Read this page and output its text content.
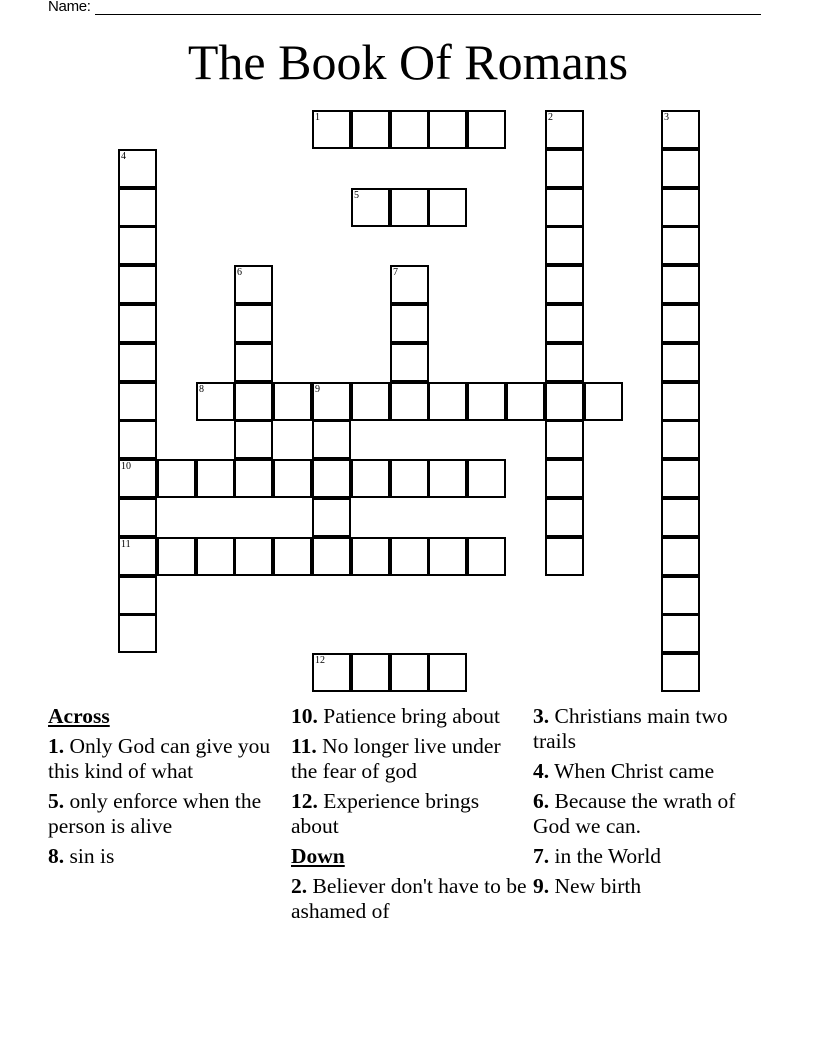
Name:
The Book Of Romans
1	2	3
4
10
11
5
6	7
8	9
12
Across
1. Only God can give you this kind of what
5. only enforce when the person is alive
8. sin is
10. Patience bring about
11. No longer live under the fear of god
12. Experience brings about
Down
2. Believer don't have to be ashamed of
3. Christians main two trails
4. When Christ came
6. Because the wrath of God we can.
7. in the World
9. New birth
